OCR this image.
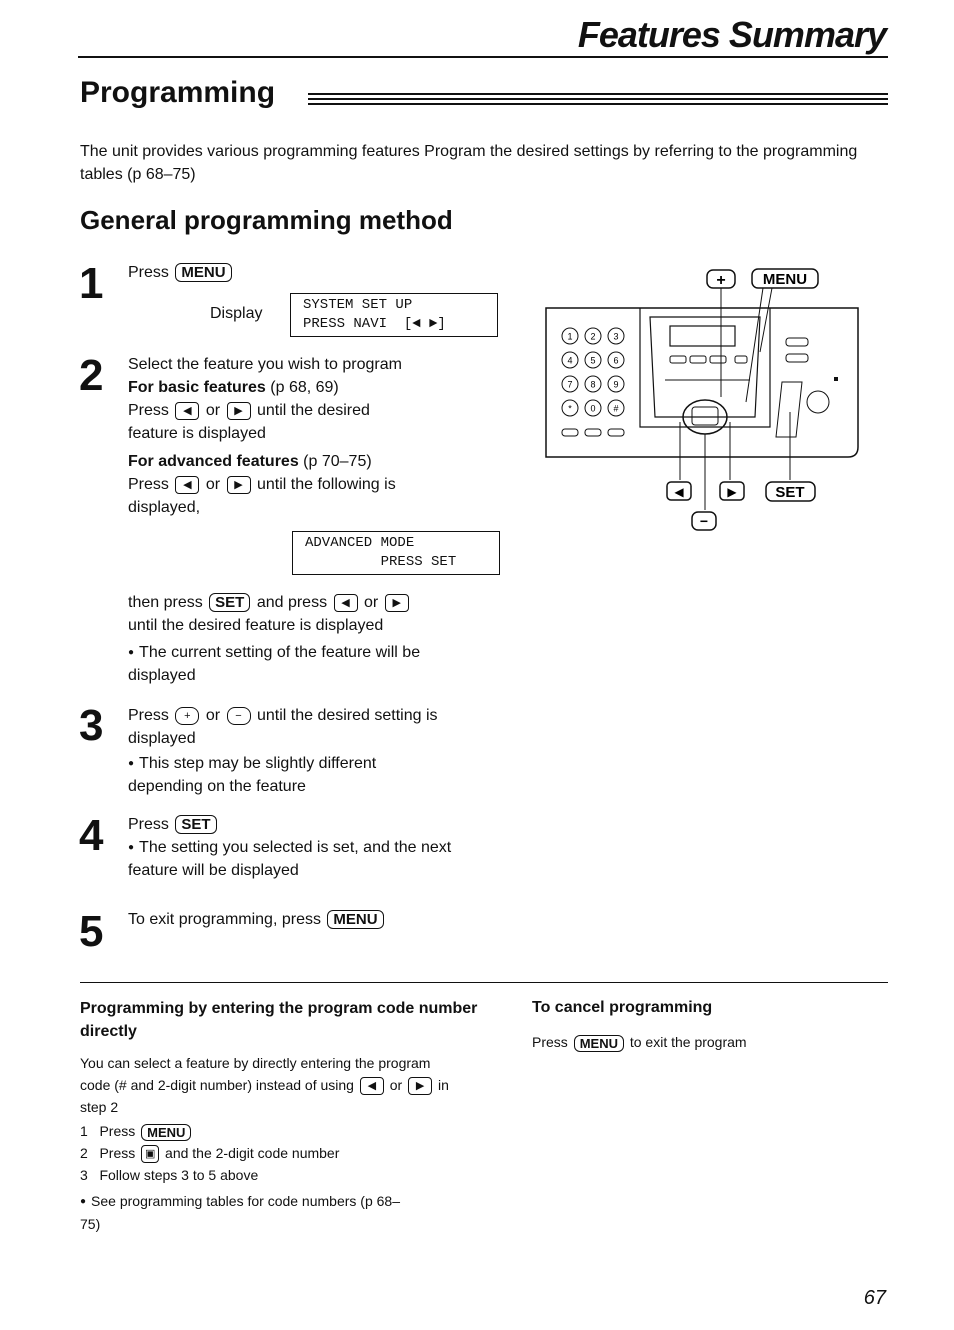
Features Summary
Programming
The unit provides various programming features Program the desired settings by referring to the programming tables (p 68–75)
General programming method
1 Press MENU
Display	SYSTEM SET UP
PRESS NAVI  [◄ ►]
2 Select the feature you wish to program
For basic features (p 68, 69)
Press ◀ or ▶ until the desired
feature is displayed
For advanced features (p 70–75)
Press ◀ or ▶ until the following is
displayed,
ADVANCED MODE
PRESS SET
then press SET and press ◀ or ▶
until the desired feature is displayed
● The current setting of the feature will be displayed
3 Press + or − until the desired setting is displayed
● This step may be slightly different depending on the feature
4 Press SET
● The setting you selected is set, and the next feature will be displayed
5 To exit programming, press MENU
Programming by entering the program code number directly
You can select a feature by directly entering the program code (# and 2-digit number) instead of using ◀ or ▶ in step 2
1 Press MENU
2 Press ▣ and the 2-digit code number
3 Follow steps 3 to 5 above
● See programming tables for code numbers (p 68–75)
To cancel programming
Press MENU to exit the program
1 2 3
4 5 6
7 8 9
* 0 #
+ MENU
◀	▶	SET
−
67
